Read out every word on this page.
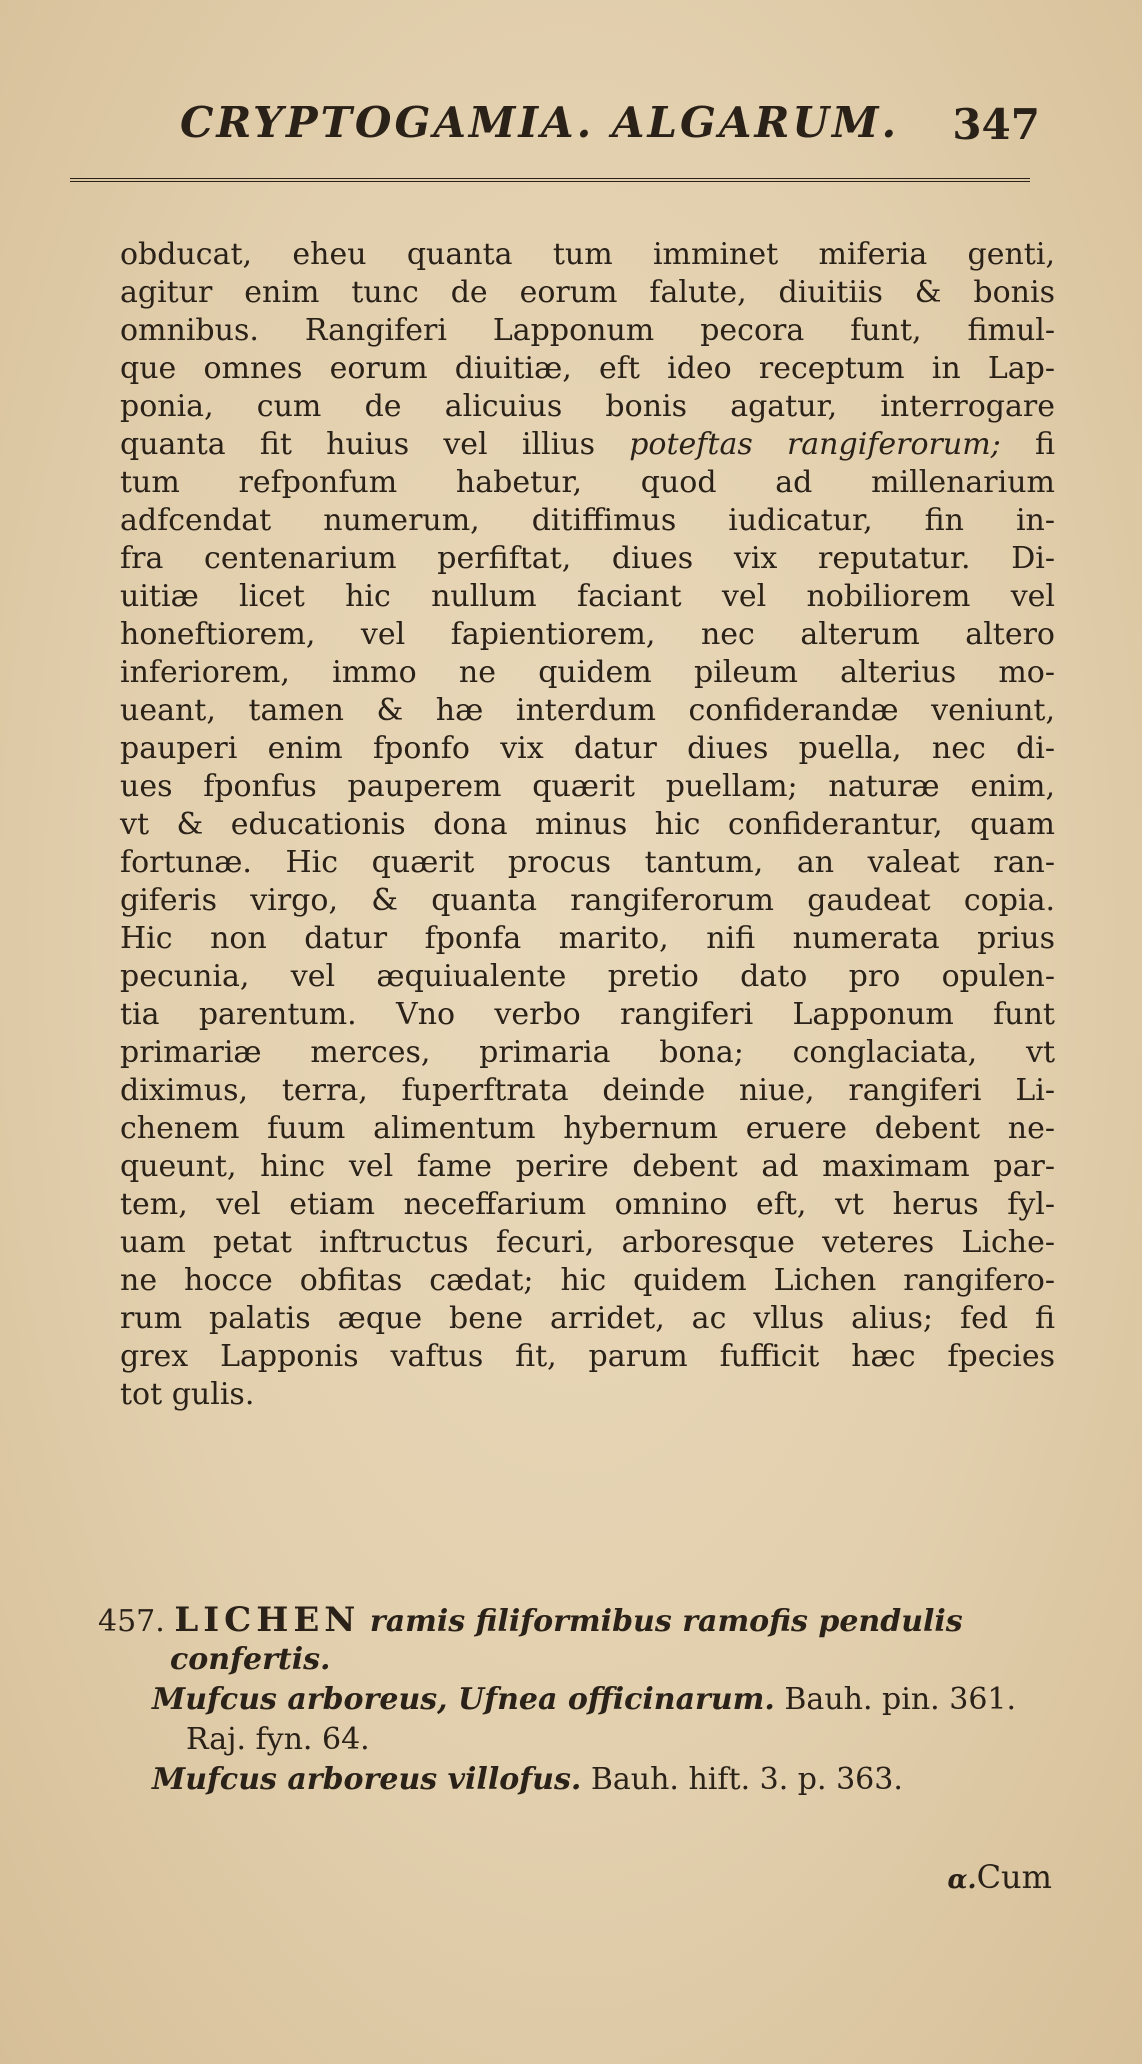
CRYPTOGAMIA. ALGARUM. 347
obducat, eheu quanta tum imminet miferia genti,
agitur enim tunc de eorum falute, diuitiis & bonis
omnibus. Rangiferi Lapponum pecora funt, fimul-
que omnes eorum diuitiæ, eft ideo receptum in Lap-
ponia, cum de alicuius bonis agatur, interrogare
quanta fit huius vel illius poteftas rangiferorum; fi
tum refponfum habetur, quod ad millenarium
adfcendat numerum, ditiffimus iudicatur, fin in-
fra centenarium perfiftat, diues vix reputatur. Di-
uitiæ licet hic nullum faciant vel nobiliorem vel
honeftiorem, vel fapientiorem, nec alterum altero
inferiorem, immo ne quidem pileum alterius mo-
ueant, tamen & hæ interdum confiderandæ veniunt,
pauperi enim fponfo vix datur diues puella, nec di-
ues fponfus pauperem quærit puellam; naturæ enim,
vt & educationis dona minus hic confiderantur, quam
fortunæ. Hic quærit procus tantum, an valeat ran-
giferis virgo, & quanta rangiferorum gaudeat copia.
Hic non datur fponfa marito, nifi numerata prius
pecunia, vel æquiualente pretio dato pro opulen-
tia parentum. Vno verbo rangiferi Lapponum funt
primariæ merces, primaria bona; conglaciata, vt
diximus, terra, fuperftrata deinde niue, rangiferi Li-
chenem fuum alimentum hybernum eruere debent ne-
queunt, hinc vel fame perire debent ad maximam par-
tem, vel etiam neceffarium omnino eft, vt herus fyl-
uam petat inftructus fecuri, arboresque veteres Liche-
ne hocce obfitas cædat; hic quidem Lichen rangifero-
rum palatis æque bene arridet, ac vllus alius; fed fi
grex Lapponis vaftus fit, parum fufficit hæc fpecies
tot gulis.
457. LICHEN ramis filiformibus ramofis pendulis
confertis.
Mufcus arboreus, Ufnea officinarum. Bauh. pin. 361.
Raj. fyn. 64.
Mufcus arboreus villofus. Bauh. hift. 3. p. 363.
α.Cum
